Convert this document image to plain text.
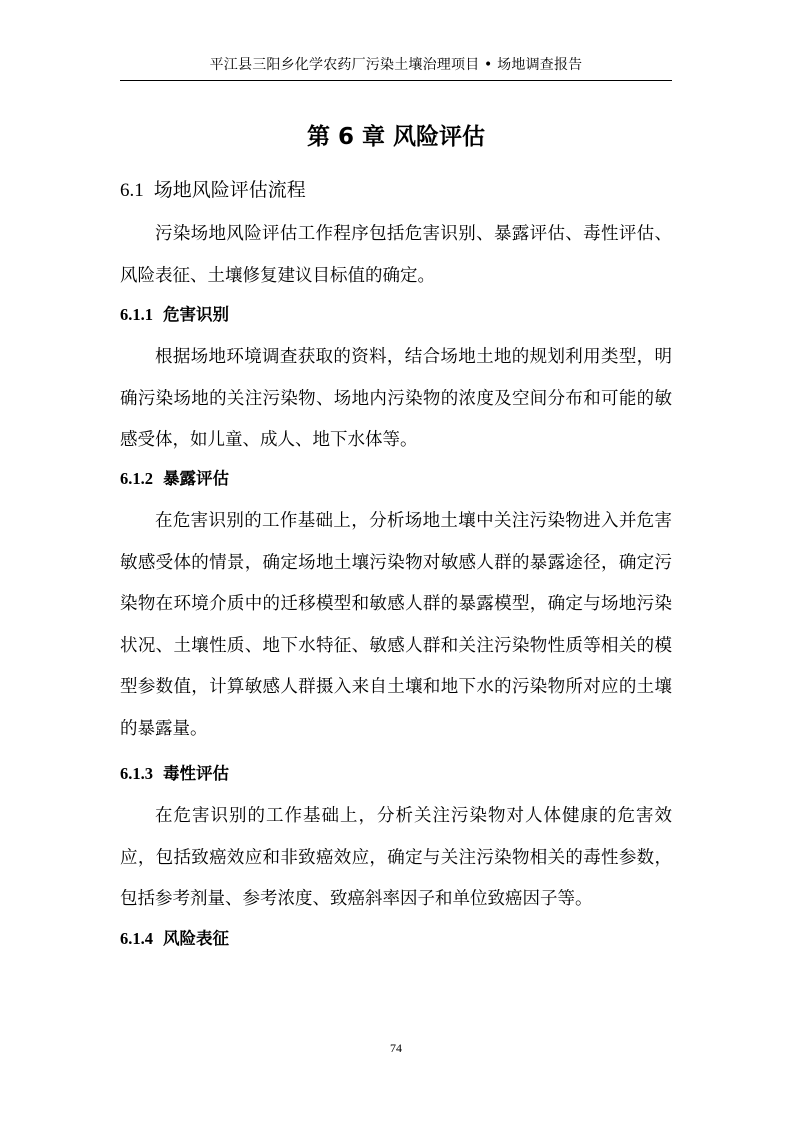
平江县三阳乡化学农药厂污染土壤治理项目 • 场地调查报告
第 6 章 风险评估
6.1 场地风险评估流程
污染场地风险评估工作程序包括危害识别、暴露评估、毒性评估、风险表征、土壤修复建议目标值的确定。
6.1.1 危害识别
根据场地环境调查获取的资料，结合场地土地的规划利用类型，明确污染场地的关注污染物、场地内污染物的浓度及空间分布和可能的敏感受体，如儿童、成人、地下水体等。
6.1.2 暴露评估
在危害识别的工作基础上，分析场地土壤中关注污染物进入并危害敏感受体的情景，确定场地土壤污染物对敏感人群的暴露途径，确定污染物在环境介质中的迁移模型和敏感人群的暴露模型，确定与场地污染状况、土壤性质、地下水特征、敏感人群和关注污染物性质等相关的模型参数值，计算敏感人群摄入来自土壤和地下水的污染物所对应的土壤的暴露量。
6.1.3 毒性评估
在危害识别的工作基础上，分析关注污染物对人体健康的危害效应，包括致癌效应和非致癌效应，确定与关注污染物相关的毒性参数，包括参考剂量、参考浓度、致癌斜率因子和单位致癌因子等。
6.1.4 风险表征
74
